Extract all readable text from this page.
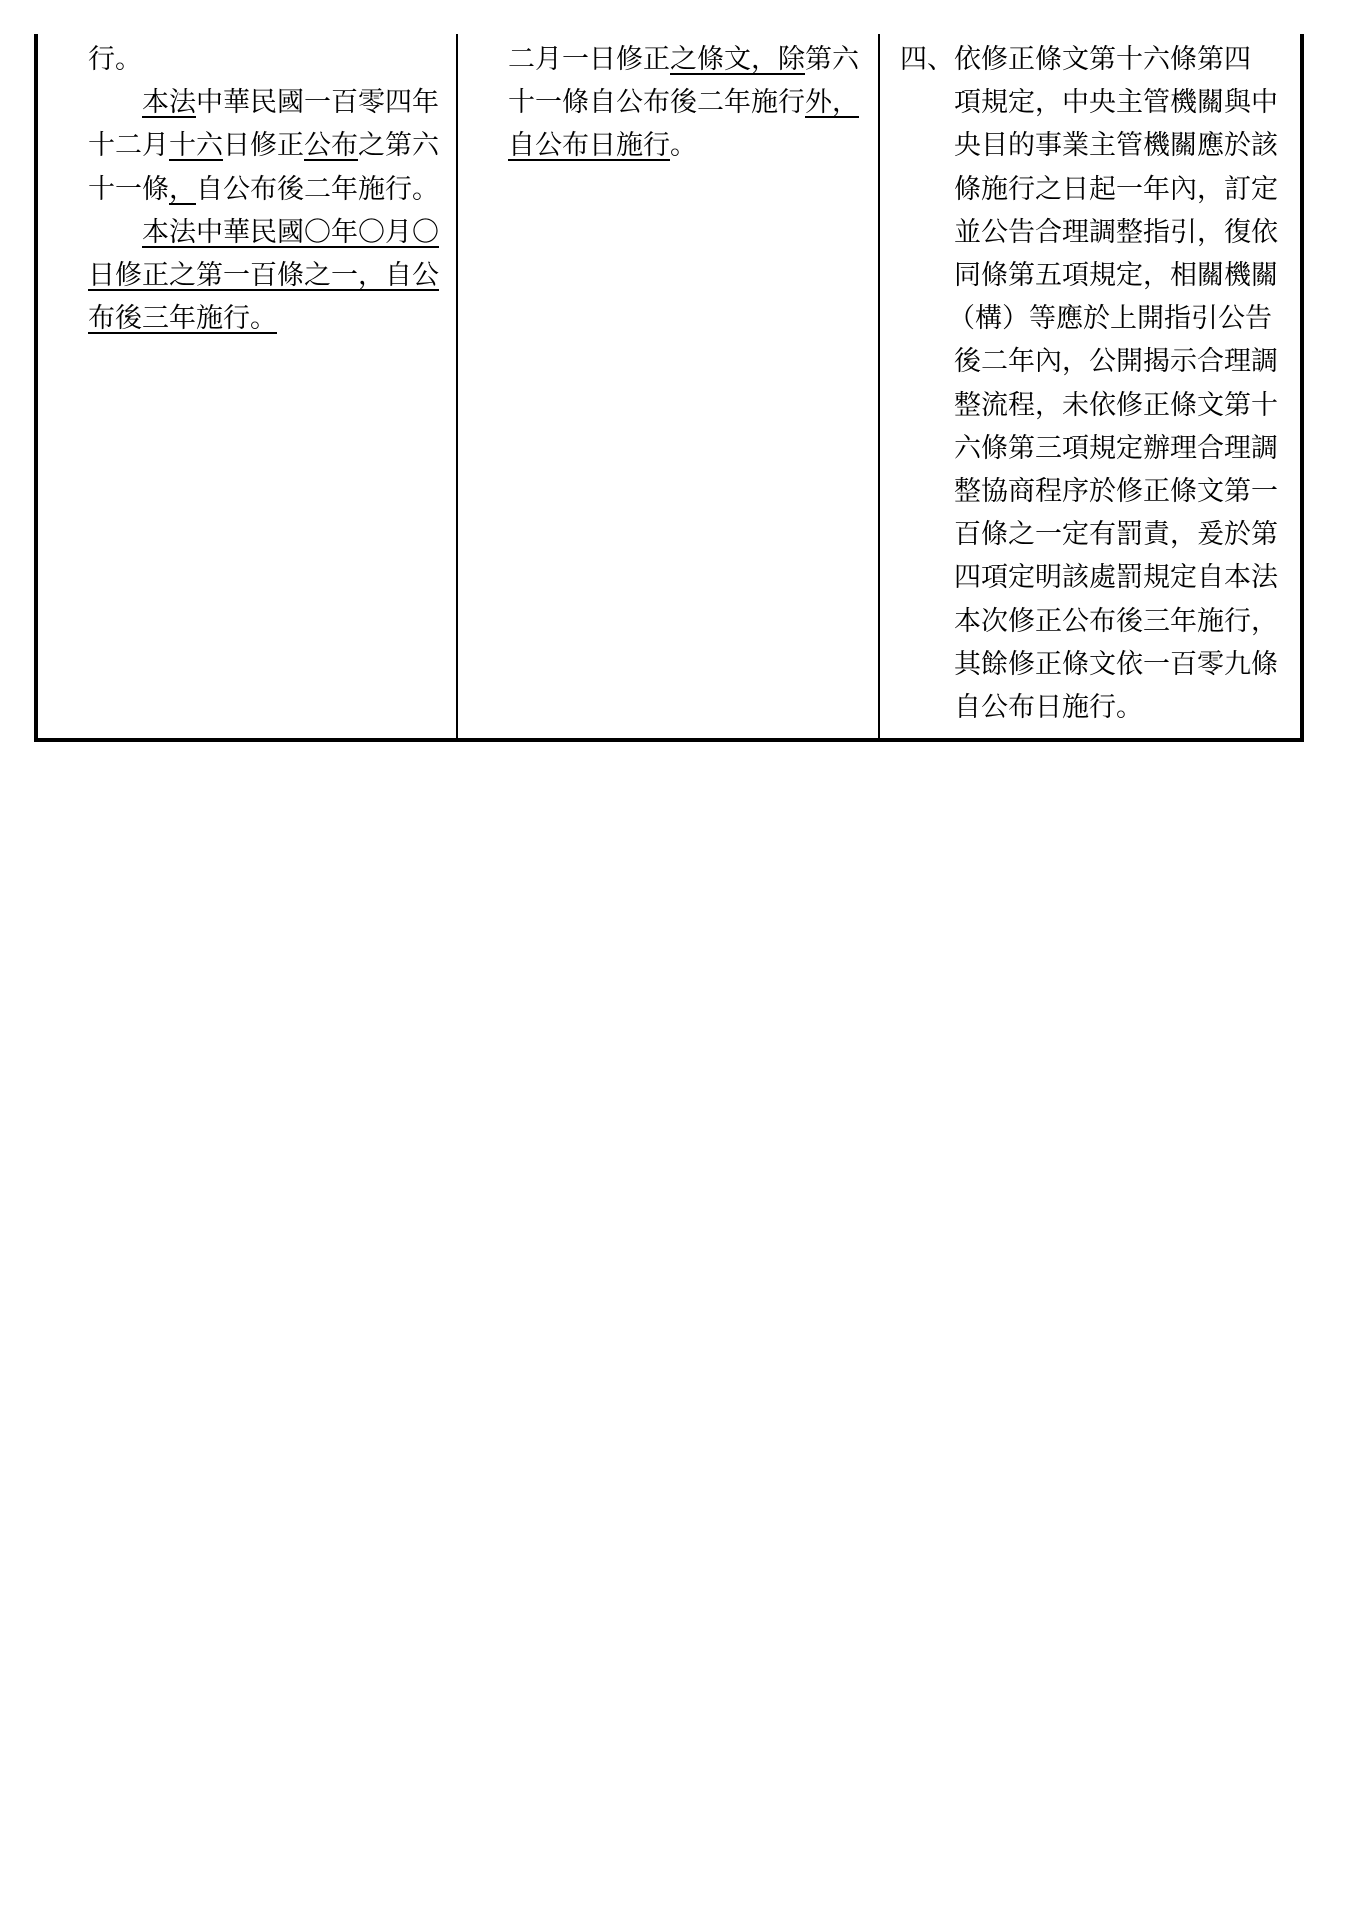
行。

本法中華民國一百零四年十二月十六日修正公布之第六十一條，自公布後二年施行。

本法中華民國〇年〇月〇日修正之第一百條之一，自公布後三年施行。

二月一日修正之條文，除第六十一條自公布後二年施行外，自公布日施行。

四、依修正條文第十六條第四

項規定，中央主管機關與中

央目的事業主管機關應於該

條施行之日起一年內，訂定

並公告合理調整指引，復依

同條第五項規定，相關機關

（構）等應於上開指引公告

後二年內，公開揭示合理調

整流程，未依修正條文第十

六條第三項規定辦理合理調

整協商程序於修正條文第一

百條之一定有罰責，爰於第

四項定明該處罰規定自本法

本次修正公布後三年施行，

其餘修正條文依一百零九條

自公布日施行。
